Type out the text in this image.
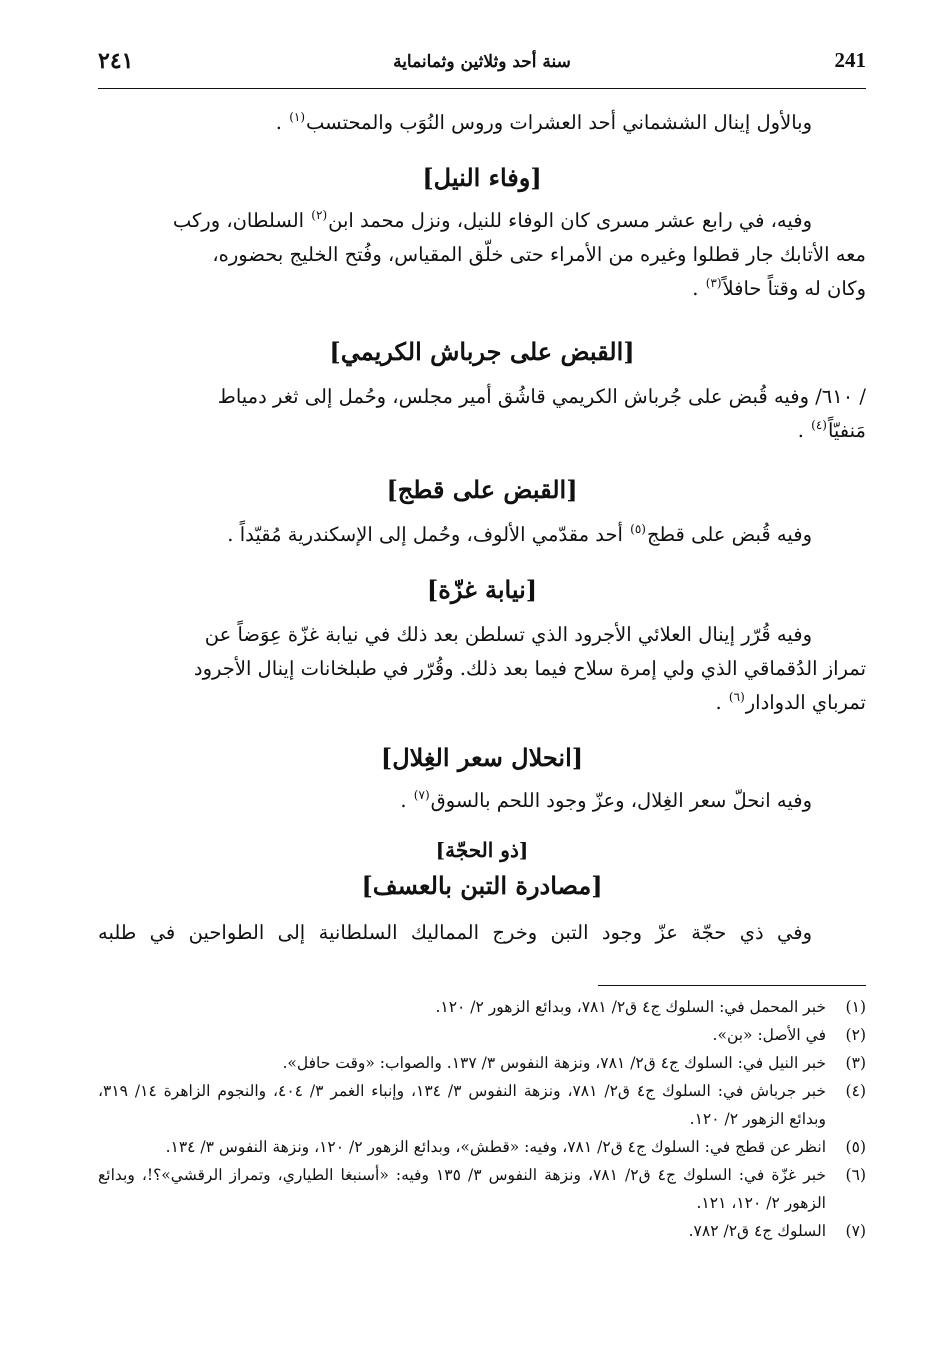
٢٤١	سنة أحد وثلاثين وثمانماية	241
وبالأول إينال الششماني أحد العشرات وروس النُوَب والمحتسب$^{(١)}$ .
[وفاء النيل]
وفيه، في رابع عشر مسرى كان الوفاء للنيل، ونزل محمد ابن$^{(٢)}$ السلطان، وركب
معه الأتابك جار قطلوا وغيره من الأمراء حتى خلّق المقياس، وفُتح الخليج بحضوره،
وكان له وقتاً حافلاً$^{(٣)}$ .
[القبض على جرباش الكريمي]
/ ٦١٠/ وفيه قُبض على جُرباش الكريمي قاشُق أمير مجلس، وحُمل إلى ثغر دمياط
مَنفيّاً$^{(٤)}$ .
[القبض على قطج]
وفيه قُبض على قطج$^{(٥)}$ أحد مقدّمي الألوف، وحُمل إلى الإسكندرية مُقيّداً .
[نيابة غزّة]
وفيه قُرّر إينال العلائي الأجرود الذي تسلطن بعد ذلك في نيابة غزّة عِوَضاً عن
تمراز الدُقماقي الذي ولي إمرة سلاح فيما بعد ذلك. وقُرّر في طبلخانات إينال الأجرود
تمرباي الدوادار$^{(٦)}$ .
[انحلال سعر الغِلال]
وفيه انحلّ سعر الغِلال، وعزّ وجود اللحم بالسوق$^{(٧)}$ .
[ذو الحجّة]
[مصادرة التبن بالعسف]
وفي ذي حجّة عزّ وجود التبن وخرج المماليك السلطانية إلى الطواحين في طلبه
(١)
خبر المحمل في: السلوك ج٤ ق٢/ ٧٨١، وبدائع الزهور ٢/ ١٢٠.
(٢)
في الأصل: «بن».
(٣)
خبر النيل في: السلوك ج٤ ق٢/ ٧٨١، ونزهة النفوس ٣/ ١٣٧. والصواب: «وقت حافل».
(٤)
خبر جرباش في: السلوك ج٤ ق٢/ ٧٨١، ونزهة النفوس ٣/ ١٣٤، وإنباء الغمر ٣/ ٤٠٤، والنجوم الزاهرة ١٤/ ٣١٩، وبدائع الزهور ٢/ ١٢٠.
(٥)
انظر عن قطج في: السلوك ج٤ ق٢/ ٧٨١، وفيه: «قطش»، وبدائع الزهور ٢/ ١٢٠، ونزهة النفوس ٣/ ١٣٤.
(٦)
خبر غزّة في: السلوك ج٤ ق٢/ ٧٨١، ونزهة النفوس ٣/ ١٣٥ وفيه: «أسنبغا الطياري، وتمراز الرقشي»؟!، وبدائع الزهور ٢/ ١٢٠، ١٢١.
(٧)
السلوك ج٤ ق٢/ ٧٨٢.
